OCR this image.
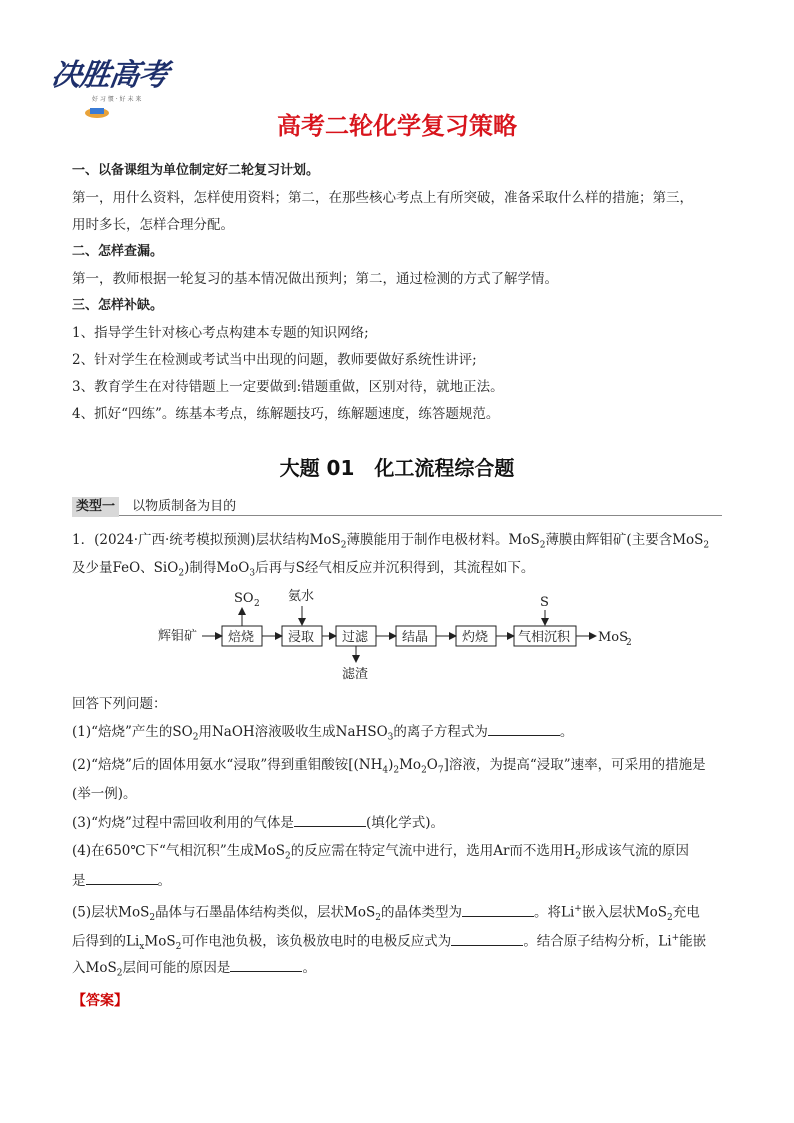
决胜高考
好 习 惯 · 好 未 来
高考二轮化学复习策略
一、以备课组为单位制定好二轮复习计划。
第一，用什么资料，怎样使用资料；第二，在那些核心考点上有所突破，准备采取什么样的措施；第三，
用时多长，怎样合理分配。
二、怎样查漏。
第一，教师根据一轮复习的基本情况做出预判；第二，通过检测的方式了解学情。
三、怎样补缺。
1、指导学生针对核心考点构建本专题的知识网络;
2、针对学生在检测或考试当中出现的问题，教师要做好系统性讲评;
3、教育学生在对待错题上一定要做到:错题重做，区别对待，就地正法。
4、抓好“四练”。练基本考点，练解题技巧，练解题速度，练答题规范。
大题 01　化工流程综合题
类型一 以物质制备为目的
1．(2024·广西·统考模拟预测)层状结构MoS$_2$薄膜能用于制作电极材料。MoS$_2$薄膜由辉钼矿(主要含MoS$_2$
及少量FeO、SiO$_2$)制得MoO$_3$后再与S经气相反应并沉积得到，其流程如下。
辉钼矿 焙烧	浸取 过滤	结晶	灼烧 气相沉积 MoS
2
SO 2 氨水	S
滤渣
回答下列问题：
(1)“焙烧”产生的$SO_2$用NaOH溶液吸收生成NaHSO$_3$的离子方程式为	。
(2)“焙烧”后的固体用氨水“浸取”得到重钼酸铵$[(NH_4)_2Mo_2O_7]$溶液，为提高“浸取”速率，可采用的措施是
(举一例)。
(3)“灼烧”过程中需回收利用的气体是	(填化学式)。
(4)在650℃下“气相沉积”生成MoS$_2$的反应需在特定气流中进行，选用Ar而不选用$H_2$形成该气流的原因
是	。
(5)层状MoS$_2$晶体与石墨晶体结构类似，层状MoS$_2$的晶体类型为	。将Li+嵌入层状MoS$_2$充电
后得到的$Li_xMoS_2$可作电池负极，该负极放电时的电极反应式为	。结合原子结构分析，Li+能嵌
入MoS$_2$层间可能的原因是	。
【答案】
